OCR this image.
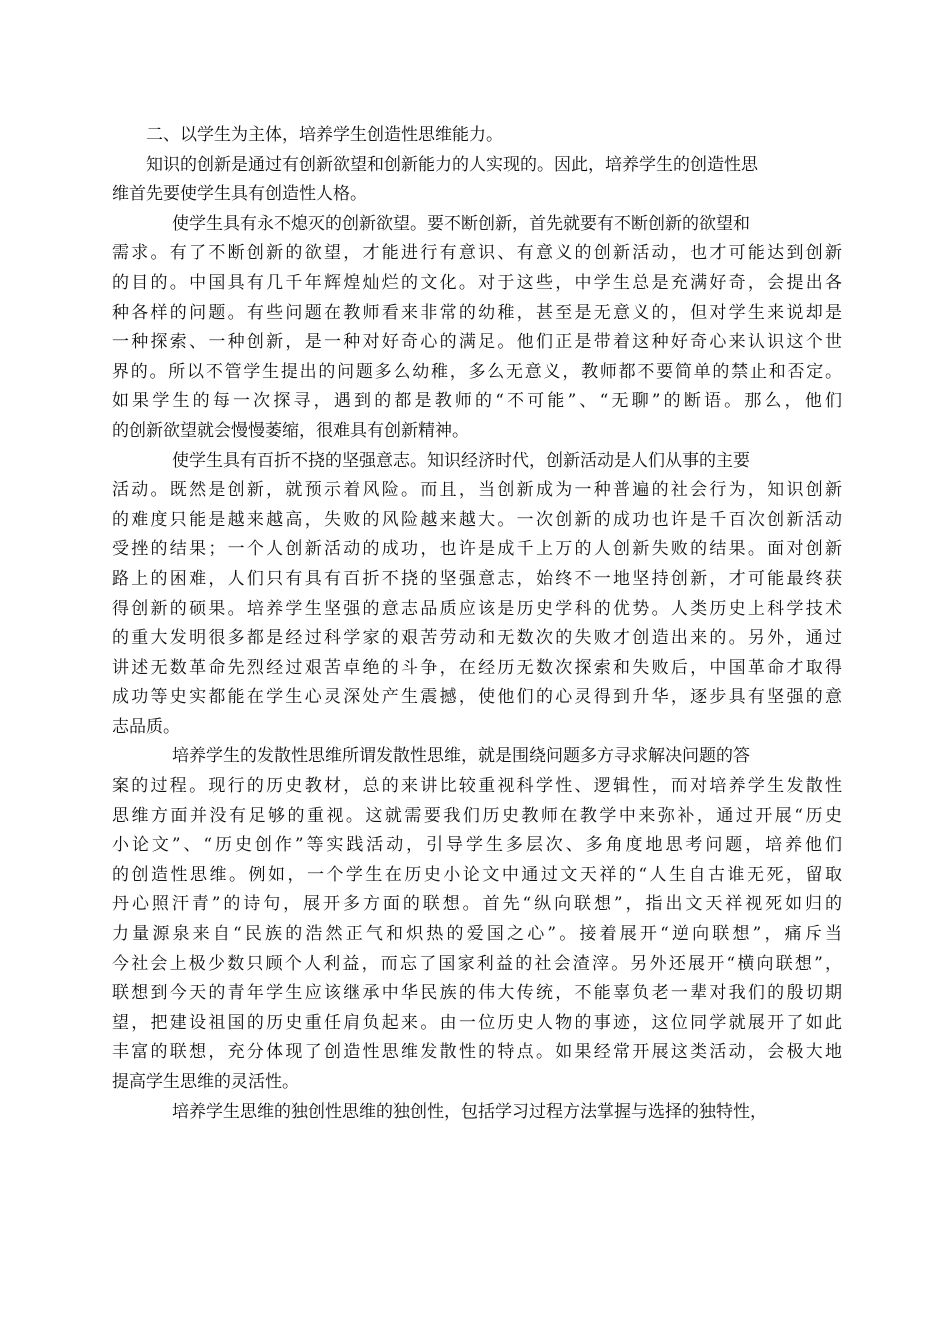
二、以学生为主体，培养学生创造性思维能力。
知识的创新是通过有创新欲望和创新能力的人实现的。因此，培养学生的创造性思
维首先要使学生具有创造性人格。
使学生具有永不熄灭的创新欲望。要不断创新，首先就要有不断创新的欲望和
需求。有了不断创新的欲望，才能进行有意识、有意义的创新活动，也才可能达到创新
的目的。中国具有几千年辉煌灿烂的文化。对于这些，中学生总是充满好奇，会提出各
种各样的问题。有些问题在教师看来非常的幼稚，甚至是无意义的，但对学生来说却是
一种探索、一种创新，是一种对好奇心的满足。他们正是带着这种好奇心来认识这个世
界的。所以不管学生提出的问题多么幼稚，多么无意义，教师都不要简单的禁止和否定。
如果学生的每一次探寻，遇到的都是教师的“不可能”、“无聊”的断语。那么，他们
的创新欲望就会慢慢萎缩，很难具有创新精神。
使学生具有百折不挠的坚强意志。知识经济时代，创新活动是人们从事的主要
活动。既然是创新，就预示着风险。而且，当创新成为一种普遍的社会行为，知识创新
的难度只能是越来越高，失败的风险越来越大。一次创新的成功也许是千百次创新活动
受挫的结果；一个人创新活动的成功，也许是成千上万的人创新失败的结果。面对创新
路上的困难，人们只有具有百折不挠的坚强意志，始终不一地坚持创新，才可能最终获
得创新的硕果。培养学生坚强的意志品质应该是历史学科的优势。人类历史上科学技术
的重大发明很多都是经过科学家的艰苦劳动和无数次的失败才创造出来的。另外，通过
讲述无数革命先烈经过艰苦卓绝的斗争，在经历无数次探索和失败后，中国革命才取得
成功等史实都能在学生心灵深处产生震撼，使他们的心灵得到升华，逐步具有坚强的意
志品质。
培养学生的发散性思维所谓发散性思维，就是围绕问题多方寻求解决问题的答
案的过程。现行的历史教材，总的来讲比较重视科学性、逻辑性，而对培养学生发散性
思维方面并没有足够的重视。这就需要我们历史教师在教学中来弥补，通过开展“历史
小论文”、“历史创作”等实践活动，引导学生多层次、多角度地思考问题，培养他们
的创造性思维。例如，一个学生在历史小论文中通过文天祥的“人生自古谁无死，留取
丹心照汗青”的诗句，展开多方面的联想。首先“纵向联想”，指出文天祥视死如归的
力量源泉来自“民族的浩然正气和炽热的爱国之心”。接着展开“逆向联想”，痛斥当
今社会上极少数只顾个人利益，而忘了国家利益的社会渣滓。另外还展开“横向联想”，
联想到今天的青年学生应该继承中华民族的伟大传统，不能辜负老一辈对我们的殷切期
望，把建设祖国的历史重任肩负起来。由一位历史人物的事迹，这位同学就展开了如此
丰富的联想，充分体现了创造性思维发散性的特点。如果经常开展这类活动，会极大地
提高学生思维的灵活性。
培养学生思维的独创性思维的独创性，包括学习过程方法掌握与选择的独特性，
